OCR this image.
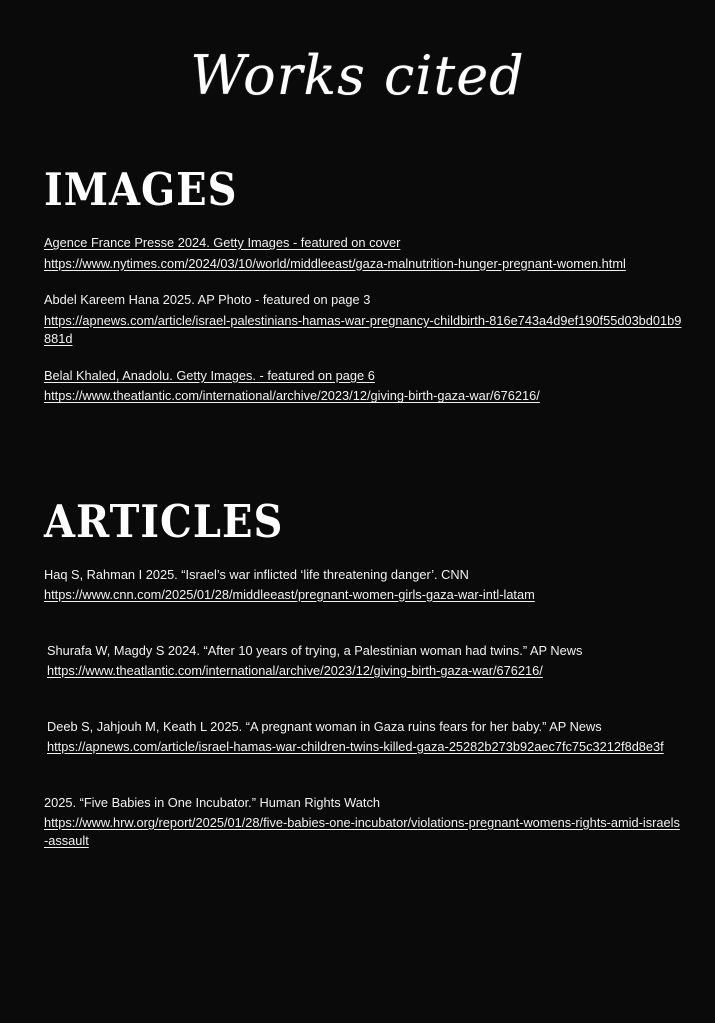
Works cited
IMAGES
Agence France Presse 2024. Getty Images - featured on cover
https://www.nytimes.com/2024/03/10/world/middleeast/gaza-malnutrition-hunger-pregnant-women.html
Abdel Kareem Hana 2025. AP Photo - featured on page 3
https://apnews.com/article/israel-palestinians-hamas-war-pregnancy-childbirth-816e743a4d9ef190f55d03bd01b9881d
Belal Khaled, Anadolu. Getty Images. - featured on page 6
https://www.theatlantic.com/international/archive/2023/12/giving-birth-gaza-war/676216/
ARTICLES
Haq S, Rahman I 2025. “Israel’s war inflicted ‘life threatening danger’. CNN
https://www.cnn.com/2025/01/28/middleeast/pregnant-women-girls-gaza-war-intl-latam
Shurafa W, Magdy S 2024. “After 10 years of trying, a Palestinian woman had twins.” AP News
https://www.theatlantic.com/international/archive/2023/12/giving-birth-gaza-war/676216/
Deeb S, Jahjouh M, Keath L 2025. “A pregnant woman in Gaza ruins fears for her baby.” AP News
https://apnews.com/article/israel-hamas-war-children-twins-killed-gaza-25282b273b92aec7fc75c3212f8d8e3f
2025. “Five Babies in One Incubator.” Human Rights Watch
https://www.hrw.org/report/2025/01/28/five-babies-one-incubator/violations-pregnant-womens-rights-amid-israels-assault
